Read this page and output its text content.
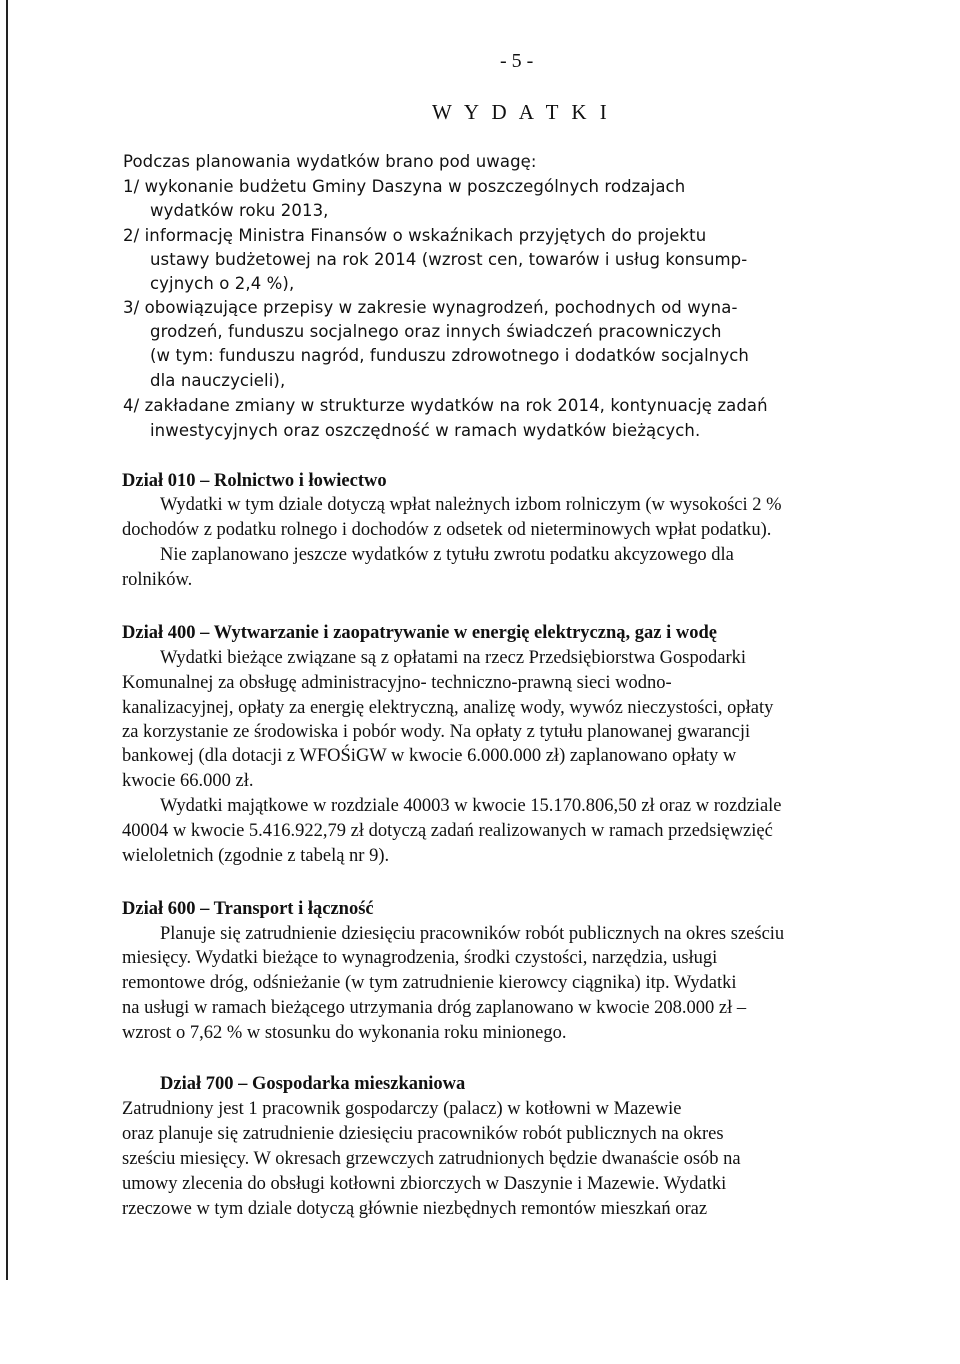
- 5 -
W Y D A T K I
Podczas planowania wydatków brano pod uwagę:
1/ wykonanie budżetu Gminy Daszyna w poszczególnych rodzajach
wydatków roku 2013,
2/ informację Ministra Finansów o wskaźnikach przyjętych do projektu
ustawy budżetowej na rok 2014 (wzrost cen, towarów i usług konsump-
cyjnych o 2,4 %),
3/ obowiązujące przepisy w zakresie wynagrodzeń, pochodnych od wyna-
grodzeń, funduszu socjalnego oraz innych świadczeń pracowniczych
(w tym: funduszu nagród, funduszu zdrowotnego i dodatków socjalnych
dla nauczycieli),
4/ zakładane zmiany w strukturze wydatków na rok 2014, kontynuację zadań
inwestycyjnych oraz oszczędność w ramach wydatków bieżących.
Dział 010 – Rolnictwo i łowiectwo
Wydatki w tym dziale dotyczą wpłat należnych izbom rolniczym (w wysokości 2 %
dochodów z podatku rolnego i dochodów z odsetek od nieterminowych wpłat podatku).
Nie zaplanowano jeszcze wydatków z tytułu zwrotu podatku akcyzowego dla
rolników.
Dział 400 – Wytwarzanie i zaopatrywanie w energię elektryczną, gaz i wodę
Wydatki bieżące związane są z opłatami na rzecz Przedsiębiorstwa Gospodarki
Komunalnej za obsługę administracyjno- techniczno-prawną sieci wodno-
kanalizacyjnej, opłaty za energię elektryczną, analizę wody, wywóz nieczystości, opłaty
za korzystanie ze środowiska i pobór wody. Na opłaty z tytułu planowanej gwarancji
bankowej (dla dotacji z WFOŚiGW w kwocie 6.000.000 zł) zaplanowano opłaty w
kwocie 66.000 zł.
Wydatki majątkowe w rozdziale 40003 w kwocie 15.170.806,50 zł oraz w rozdziale
40004 w kwocie 5.416.922,79 zł dotyczą zadań realizowanych w ramach przedsięwzięć
wieloletnich (zgodnie z tabelą nr 9).
Dział 600 – Transport i łączność
Planuje się zatrudnienie dziesięciu pracowników robót publicznych na okres sześciu
miesięcy. Wydatki bieżące to wynagrodzenia, środki czystości, narzędzia, usługi
remontowe dróg, odśnieżanie (w tym zatrudnienie kierowcy ciągnika) itp. Wydatki
na usługi w ramach bieżącego utrzymania dróg zaplanowano w kwocie 208.000 zł –
wzrost o 7,62 % w stosunku do wykonania roku minionego.
Dział 700 – Gospodarka mieszkaniowa
Zatrudniony jest 1 pracownik gospodarczy (palacz) w kotłowni w Mazewie
oraz planuje się zatrudnienie dziesięciu pracowników robót publicznych na okres
sześciu miesięcy. W okresach grzewczych zatrudnionych będzie dwanaście osób na
umowy zlecenia do obsługi kotłowni zbiorczych w Daszynie i Mazewie. Wydatki
rzeczowe w tym dziale dotyczą głównie niezbędnych remontów mieszkań oraz
